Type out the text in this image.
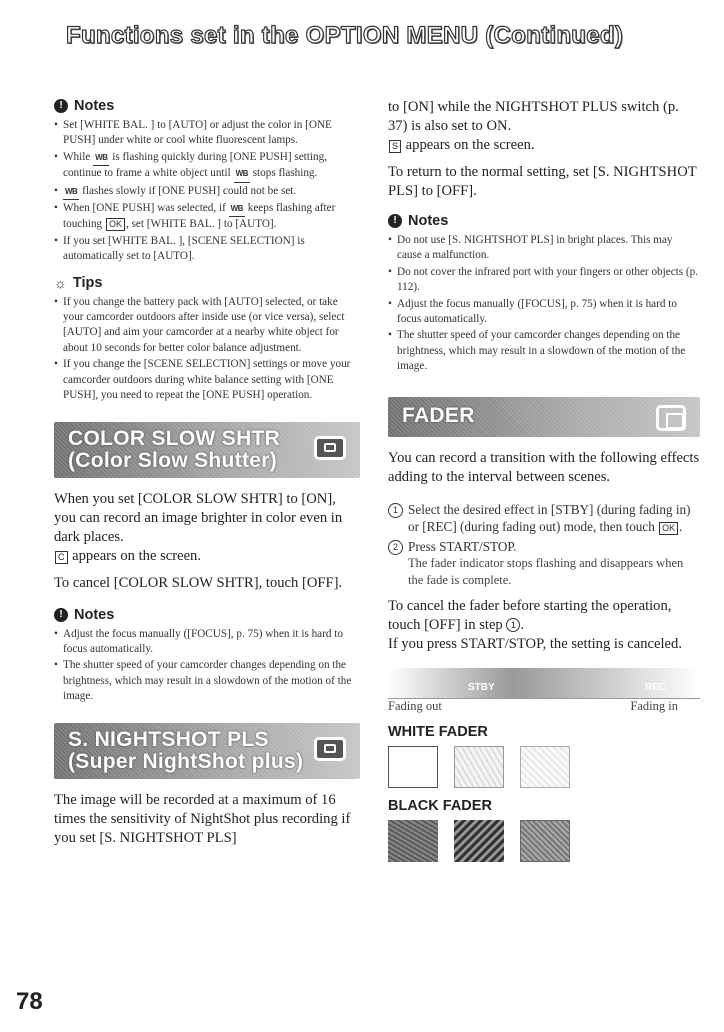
Functions set in the OPTION MENU (Continued)
! Notes
• Set [WHITE BAL. ] to [AUTO] or adjust the color in [ONE PUSH] under white or cool white fluorescent lamps.
• While WB is flashing quickly during [ONE PUSH] setting, continue to frame a white object until WB stops flashing.
• WB flashes slowly if [ONE PUSH] could not be set.
• When [ONE PUSH] was selected, if WB keeps flashing after touching OK , set [WHITE BAL. ] to [AUTO].
• If you set [WHITE BAL. ], [SCENE SELECTION] is automatically set to [AUTO].
☼ Tips
• If you change the battery pack with [AUTO] selected, or take your camcorder outdoors after inside use (or vice versa), select [AUTO] and aim your camcorder at a nearby white object for about 10 seconds for better color balance adjustment.
• If you change the [SCENE SELECTION] settings or move your camcorder outdoors during white balance setting with [ONE PUSH], you need to repeat the [ONE PUSH] operation.
COLOR SLOW SHTR
(Color Slow Shutter)

When you set [COLOR SLOW SHTR] to [ON], you can record an image brighter in color even in dark places.

C appears on the screen.

To cancel [COLOR SLOW SHTR], touch [OFF].

! Notes
• Adjust the focus manually ([FOCUS], p. 75) when it is hard to focus automatically.
• The shutter speed of your camcorder changes depending on the brightness, which may result in a slowdown of the motion of the image.
S. NIGHTSHOT PLS
(Super NightShot plus)

The image will be recorded at a maximum of 16 times the sensitivity of NightShot plus recording if you set [S. NIGHTSHOT PLS]

to [ON] while the NIGHTSHOT PLUS switch (p. 37) is also set to ON.

S appears on the screen.

To return to the normal setting, set [S. NIGHTSHOT PLS] to [OFF].

! Notes
• Do not use [S. NIGHTSHOT PLS] in bright places. This may cause a malfunction.
• Do not cover the infrared port with your fingers or other objects (p. 112).
• Adjust the focus manually ([FOCUS], p. 75) when it is hard to focus automatically.
• The shutter speed of your camcorder changes depending on the brightness, which may result in a slowdown of the motion of the image.
FADER

You can record a transition with the following effects adding to the interval between scenes.

1 Select the desired effect in [STBY] (during fading in) or [REC] (during fading out) mode, then touch OK .
2 Press START/STOP.
The fader indicator stops flashing and disappears when the fade is complete.

To cancel the fader before starting the operation, touch [OFF] in step 1 .

If you press START/STOP, the setting is canceled.

STBY	REC
Fading out	Fading in
WHITE FADER
BLACK FADER
78
